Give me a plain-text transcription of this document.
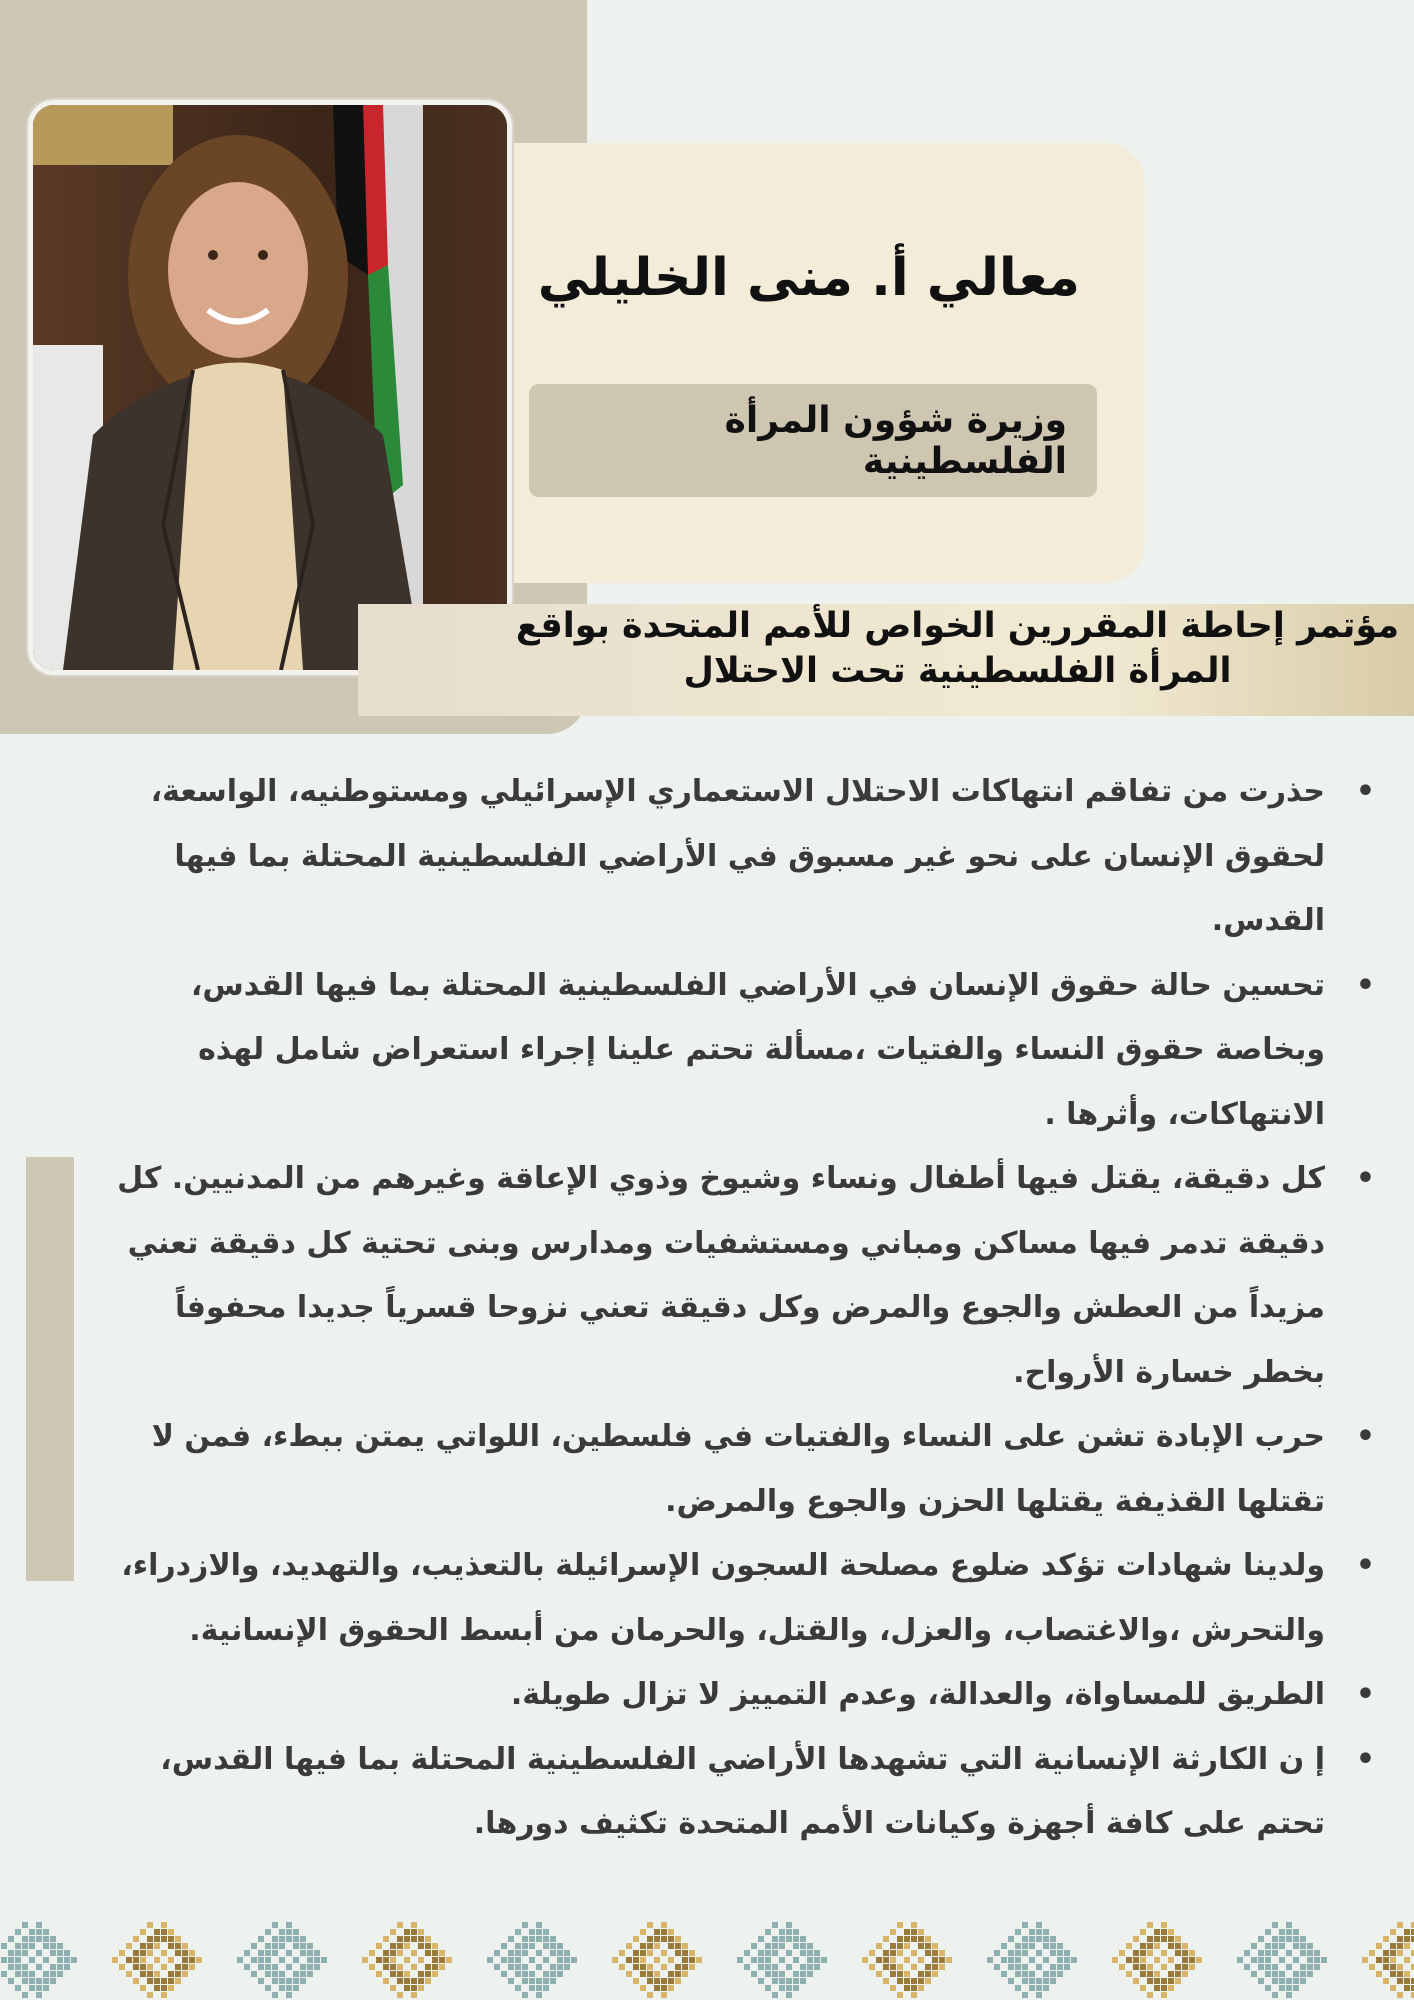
معالي أ. منى الخليلي
وزيرة شؤون المرأة الفلسطينية
مؤتمر إحاطة المقررين الخواص للأمم المتحدة بواقع
المرأة الفلسطينية تحت الاحتلال
• حذرت من تفاقم انتهاكات الاحتلال الاستعماري الإسرائيلي ومستوطنيه، الواسعة، لحقوق الإنسان على نحو غير مسبوق في الأراضي الفلسطينية المحتلة بما فيها القدس.
• تحسين حالة حقوق الإنسان في الأراضي الفلسطينية المحتلة بما فيها القدس، وبخاصة حقوق النساء والفتيات ،مسألة تحتم علينا إجراء استعراض شامل لهذه الانتهاكات، وأثرها .
• كل دقيقة، يقتل فيها أطفال ونساء وشيوخ وذوي الإعاقة وغيرهم من المدنيين. كل دقيقة تدمر فيها مساكن ومباني ومستشفيات ومدارس وبنى تحتية كل دقيقة تعني مزيداً من العطش والجوع والمرض وكل دقيقة تعني نزوحا قسرياً جديدا محفوفاً بخطر خسارة الأرواح.
• حرب الإبادة تشن على النساء والفتيات في فلسطين، اللواتي يمتن ببطء، فمن لا تقتلها القذيفة يقتلها الحزن والجوع والمرض.
• ولدينا شهادات تؤكد ضلوع مصلحة السجون الإسرائيلة بالتعذيب، والتهديد، والازدراء، والتحرش ،والاغتصاب، والعزل، والقتل، والحرمان من أبسط الحقوق الإنسانية.
• الطريق للمساواة، والعدالة، وعدم التمييز لا تزال طويلة.
• إ ن الكارثة الإنسانية التي تشهدها الأراضي الفلسطينية المحتلة بما فيها القدس، تحتم على كافة أجهزة وكيانات الأمم المتحدة تكثيف دورها.
